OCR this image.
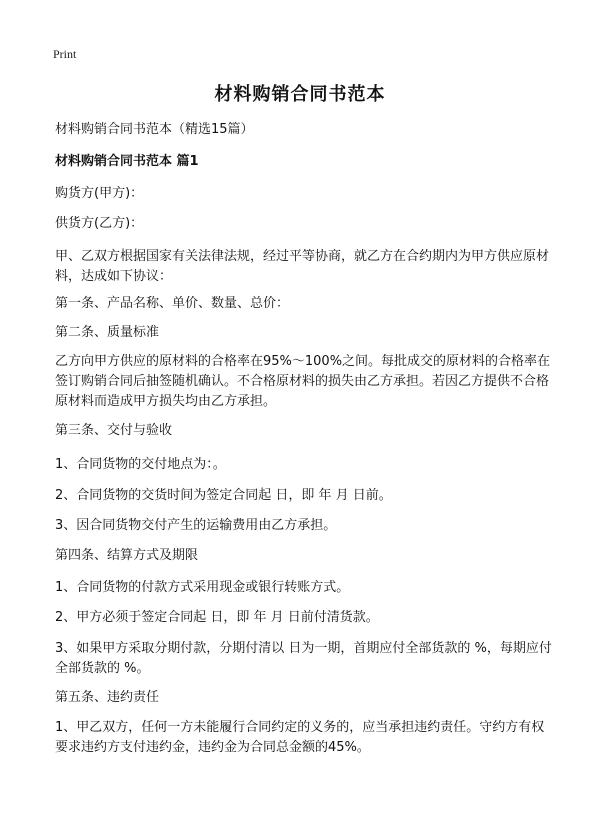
Print
材料购销合同书范本
材料购销合同书范本（精选15篇）
材料购销合同书范本 篇1
购货方(甲方)：
供货方(乙方)：
甲、乙双方根据国家有关法律法规，经过平等协商，就乙方在合约期内为甲方供应原材料，达成如下协议：
第一条、产品名称、单价、数量、总价：
第二条、质量标准
乙方向甲方供应的原材料的合格率在95%～100%之间。每批成交的原材料的合格率在签订购销合同后抽签随机确认。不合格原材料的损失由乙方承担。若因乙方提供不合格原材料而造成甲方损失均由乙方承担。
第三条、交付与验收
1、合同货物的交付地点为：。
2、合同货物的交货时间为签定合同起 日，即 年 月 日前。
3、因合同货物交付产生的运输费用由乙方承担。
第四条、结算方式及期限
1、合同货物的付款方式采用现金或银行转账方式。
2、甲方必须于签定合同起 日，即 年 月 日前付清货款。
3、如果甲方采取分期付款，分期付清以 日为一期，首期应付全部货款的 %，每期应付全部货款的 %。
第五条、违约责任
1、甲乙双方，任何一方未能履行合同约定的义务的，应当承担违约责任。守约方有权要求违约方支付违约金，违约金为合同总金额的45%。
